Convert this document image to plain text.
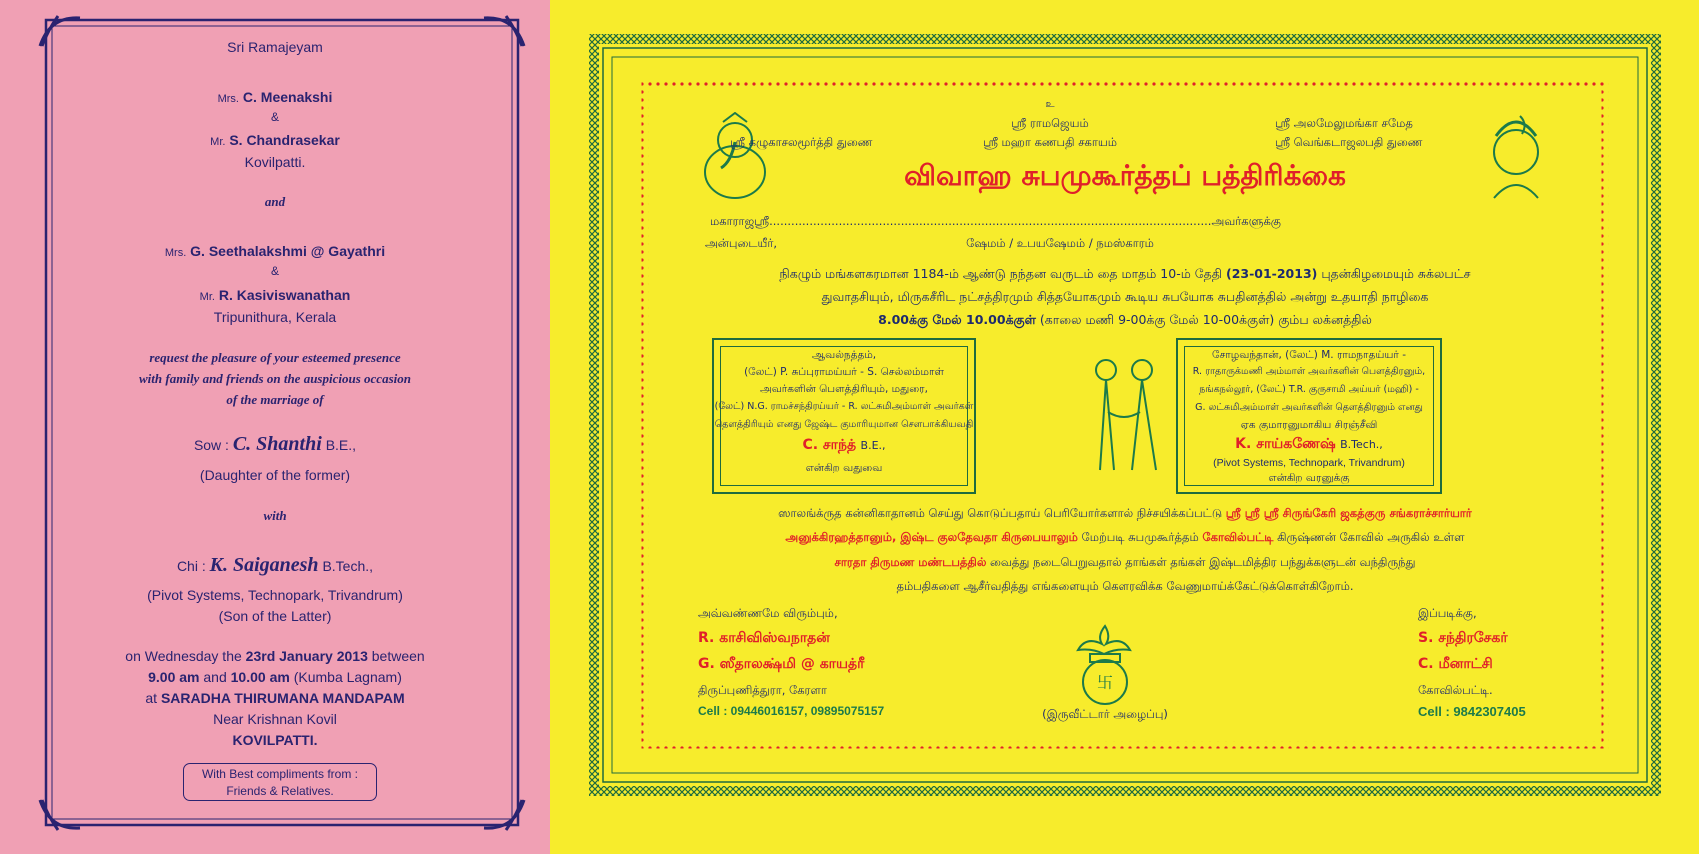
Sri Ramajeyam
Mrs. C. Meenakshi
&
Mr. S. Chandrasekar
Kovilpatti.
and
Mrs. G. Seethalakshmi @ Gayathri
&
Mr. R. Kasiviswanathan
Tripunithura, Kerala
request the pleasure of your esteemed presence
with family and friends on the auspicious occasion
of the marriage of
Sow : C. Shanthi B.E.,
(Daughter of the former)
with
Chi : K. Saiganesh B.Tech.,
(Pivot Systems, Technopark, Trivandrum)
(Son of the Latter)
on Wednesday the 23rd January 2013 between
9.00 am and 10.00 am (Kumba Lagnam)
at SARADHA THIRUMANA MANDAPAM
Near Krishnan Kovil
KOVILPATTI.
With Best compliments from :
Friends & Relatives.
உ
ஸ்ரீ ராமஜெயம்
ஸ்ரீ கழுகாசலமூர்த்தி துணை	ஸ்ரீ மஹா கணபதி சகாயம்
ஸ்ரீ அலமேலுமங்கா சமேத
ஸ்ரீ வெங்கடாஜலபதி துணை
விவாஹ சுபமுகூர்த்தப் பத்திரிக்கை
மகாராஜஸ்ரீ.........................................................................................................................அவர்களுக்கு
அன்புடையீர்,	ஷேமம் / உபயஷேமம் / நமஸ்காரம்
நிகழும் மங்களகரமான 1184-ம் ஆண்டு நந்தன வருடம் தை மாதம் 10-ம் தேதி (23-01-2013) புதன்கிழமையும் சுக்லபட்ச
துவாதசியும், மிருகசீரிட நட்சத்திரமும் சித்தயோகமும் கூடிய சுபயோக சுபதினத்தில் அன்று உதயாதி நாழிகை
8.00க்கு மேல் 10.00க்குள் (காலை மணி 9-00க்கு மேல் 10-00க்குள்) கும்ப லக்னத்தில்
ஆவல்நத்தம்,
(லேட்) P. சுப்புராமய்யர் - S. செல்லம்மாள்
அவர்களின் பௌத்திரியும், மதுரை,
(லேட்) N.G. ராமச்சந்திரய்யர் - R. லட்சுமிஅம்மாள் அவர்கள்
தௌத்திரியும் எனது ஜேஷ்ட குமாரியுமான சௌபாக்கியவதி
C. சாந்த் B.E.,
என்கிற வதுவை
சோழவந்தான், (லேட்) M. ராமநாதய்யர் -
R. ராதாருக்மணி அம்மாள் அவர்களின் பௌத்திரனும்,
நங்கநல்லூர், (லேட்) T.R. குருசாமி அய்யர் (மஹி) -
G. லட்சுமிஅம்மாள் அவர்களின் தௌத்திரனும் எனது
ஏக குமாரனுமாகிய சிரஞ்சீவி
K. சாய்கணேஷ் B.Tech.,
(Pivot Systems, Technopark, Trivandrum)
என்கிற வரனுக்கு
ஸாலங்க்ருத கன்னிகாதானம் செய்து கொடுப்பதாய் பெரியோர்களால் நிச்சயிக்கப்பட்டு ஸ்ரீ ஸ்ரீ ஸ்ரீ சிருங்கேரி ஜகத்குரு சங்கராச்சார்யார்
அனுக்கிரஹத்தானும், இஷ்ட குலதேவதா கிருபையாலும் மேற்படி சுபமுகூர்த்தம் கோவில்பட்டி கிருஷ்ணன் கோவில் அருகில் உள்ள
சாரதா திருமண மண்டபத்தில் வைத்து நடைபெறுவதால் தாங்கள் தங்கள் இஷ்டமித்திர பந்துக்களுடன் வந்திருந்து
தம்பதிகளை ஆசீர்வதித்து எங்களையும் கௌரவிக்க வேணுமாய்க்கேட்டுக்கொள்கிறோம்.
அவ்வண்ணமே விரும்பும்,
R. காசிவிஸ்வநாதன்
G. ஸீதாலக்ஷ்மி @ காயத்ரீ
திருப்புணித்துரா, கேரளா
Cell : 09446016157, 09895075157
卐
(இருவீட்டார் அழைப்பு)
இப்படிக்கு,
S. சந்திரசேகர்
C. மீனாட்சி
கோவில்பட்டி.
Cell : 9842307405
